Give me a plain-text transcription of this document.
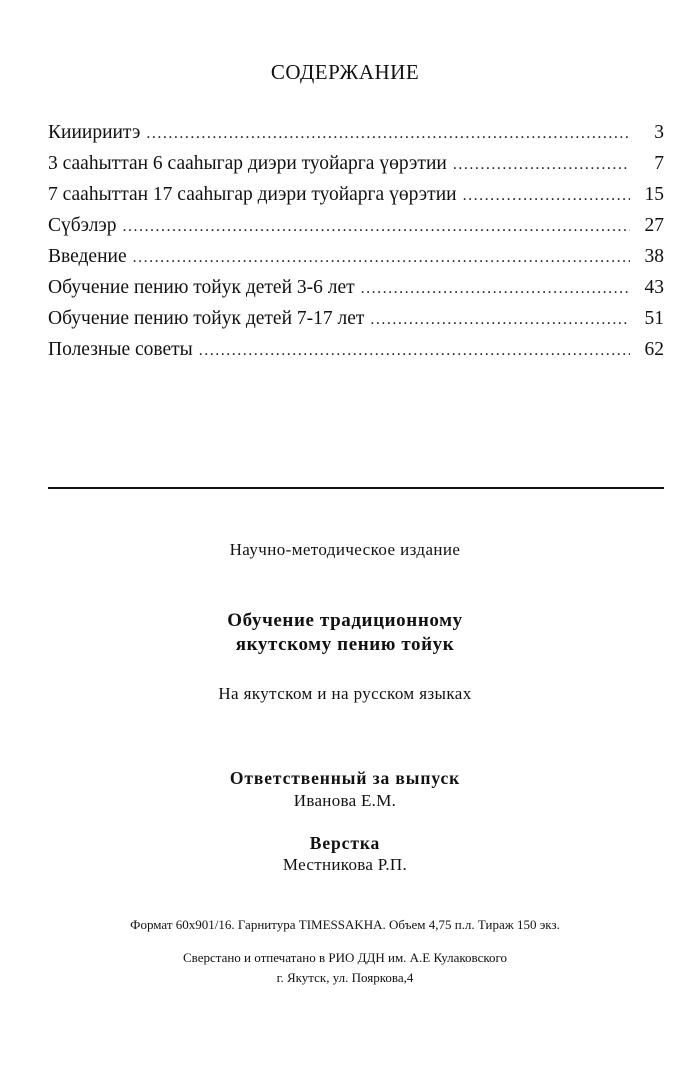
СОДЕРЖАНИЕ
Кииириитэ .....	3
3 сааһыттан 6 сааһыгар диэри туойарга үөрэтии .....	7
7 сааһыттан 17 сааһыгар диэри туойарга үөрэтии .....	15
Сүбэлэр .....	27
Введение .....	38
Обучение пению тойук детей 3-6 лет .....	43
Обучение пению тойук детей 7-17 лет .....	51
Полезные советы .....	62
Научно-методическое издание
Обучение традиционному
якутскому пению тойук
На якутском и на русском языках
Ответственный за выпуск
Иванова Е.М.
Верстка
Местникова Р.П.
Формат 60х901/16. Гарнитура TIMESSAKHA. Объем 4,75 п.л. Тираж 150 экз.
Сверстано и отпечатано в РИО ДДН им. А.Е Кулаковского
г. Якутск, ул. Пояркова,4
